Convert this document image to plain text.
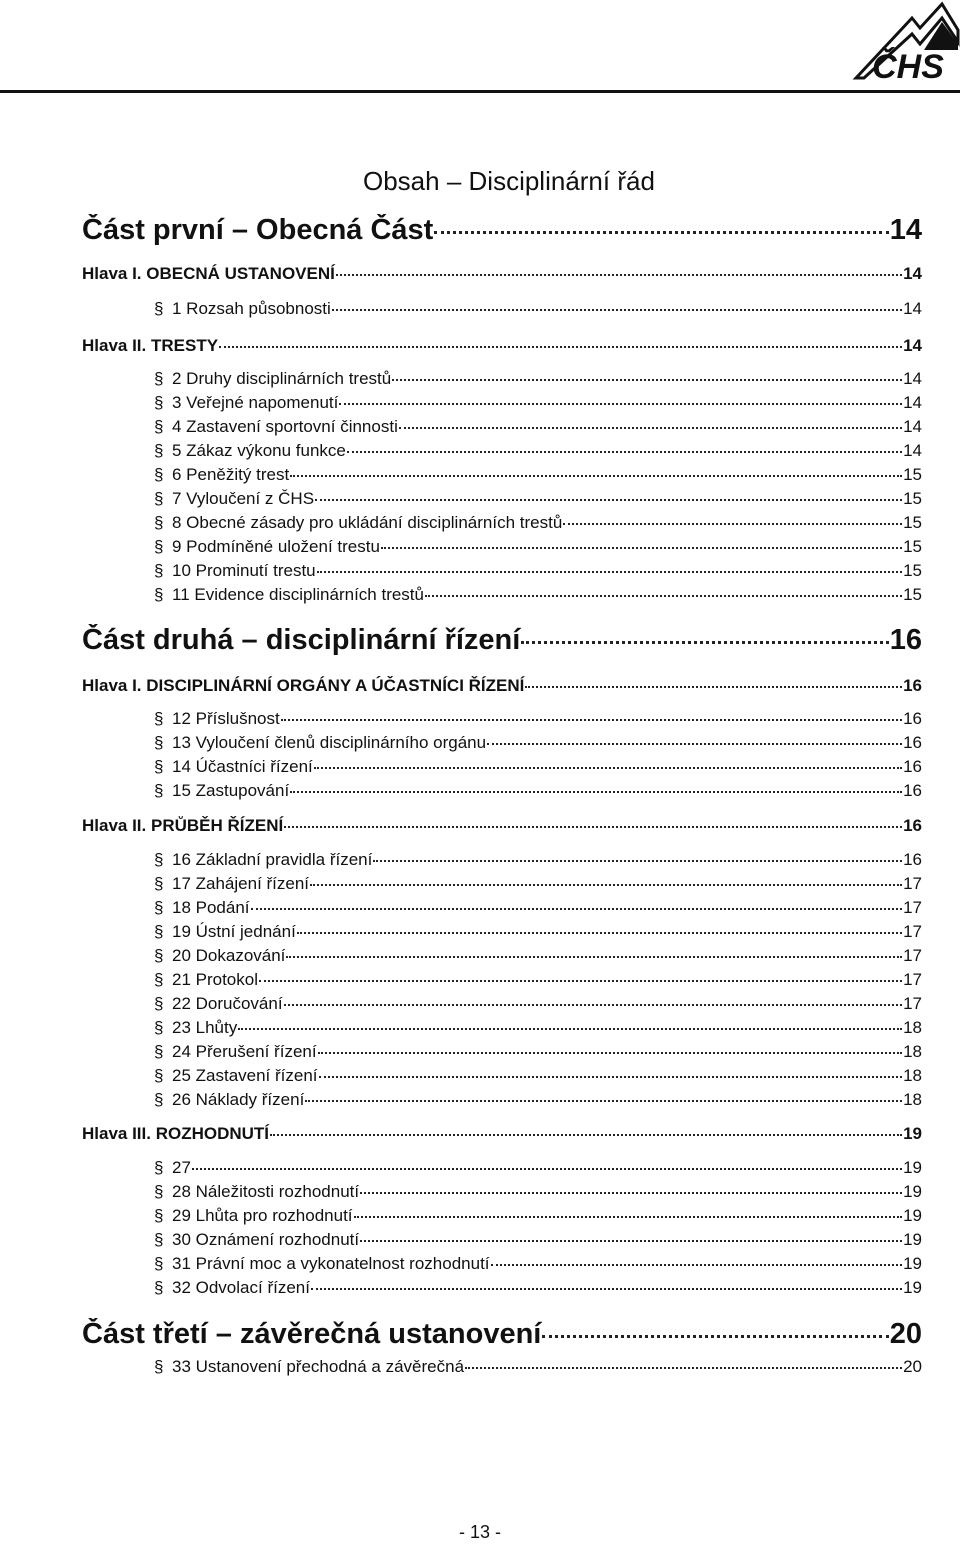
ČHS
Obsah – Disciplinární řád
Část první – Obecná Část	14
Hlava I. OBECNÁ USTANOVENÍ	14
§ 1 Rozsah působnosti	14
Hlava II. TRESTY	14
§ 2 Druhy disciplinárních trestů	14
§ 3 Veřejné napomenutí	14
§ 4 Zastavení sportovní činnosti	14
§ 5 Zákaz výkonu funkce	14
§ 6 Peněžitý trest	15
§ 7 Vyloučení z ČHS	15
§ 8 Obecné zásady pro ukládání disciplinárních trestů	15
§ 9 Podmíněné uložení trestu	15
§ 10 Prominutí trestu	15
§ 11 Evidence disciplinárních trestů	15
Část druhá – disciplinární řízení	16
Hlava I. DISCIPLINÁRNÍ ORGÁNY A ÚČASTNÍCI ŘÍZENÍ	16
§ 12 Příslušnost	16
§ 13 Vyloučení členů disciplinárního orgánu	16
§ 14 Účastníci řízení	16
§ 15 Zastupování	16
Hlava II. PRŮBĚH ŘÍZENÍ	16
§ 16 Základní pravidla řízení	16
§ 17 Zahájení řízení	17
§ 18 Podání	17
§ 19 Ústní jednání	17
§ 20 Dokazování	17
§ 21 Protokol	17
§ 22 Doručování	17
§ 23 Lhůty	18
§ 24 Přerušení řízení	18
§ 25 Zastavení řízení	18
§ 26 Náklady řízení	18
Hlava III. ROZHODNUTÍ	19
§ 27	19
§ 28 Náležitosti rozhodnutí	19
§ 29 Lhůta pro rozhodnutí	19
§ 30 Oznámení rozhodnutí	19
§ 31 Právní moc a vykonatelnost rozhodnutí	19
§ 32 Odvolací řízení	19
Část třetí – závěrečná ustanovení	20
§ 33 Ustanovení přechodná a závěrečná	20
- 13 -
